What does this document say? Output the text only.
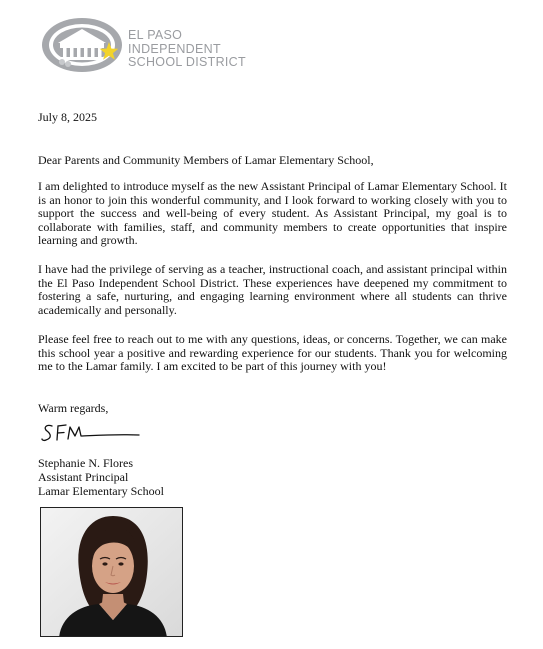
EL PASO
INDEPENDENT
SCHOOL DISTRICT
July 8, 2025
Dear Parents and Community Members of Lamar Elementary School,

I am delighted to introduce myself as the new Assistant Principal of Lamar Elementary School. It is an honor to join this wonderful community, and I look forward to working closely with you to support the success and well-being of every student. As Assistant Principal, my goal is to collaborate with families, staff, and community members to create opportunities that inspire learning and growth.

I have had the privilege of serving as a teacher, instructional coach, and assistant principal within the El Paso Independent School District. These experiences have deepened my commitment to fostering a safe, nurturing, and engaging learning environment where all students can thrive academically and personally.

Please feel free to reach out to me with any questions, ideas, or concerns. Together, we can make this school year a positive and rewarding experience for our students. Thank you for welcoming me to the Lamar family. I am excited to be part of this journey with you!

Warm regards,
Stephanie N. Flores
Assistant Principal
Lamar Elementary School
